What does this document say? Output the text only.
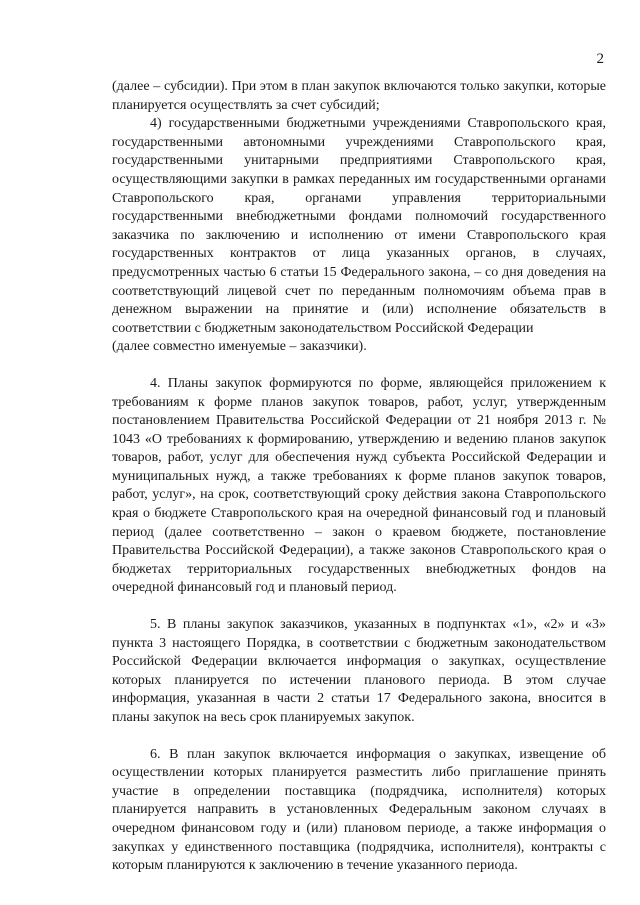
2

(далее – субсидии). При этом в план закупок включаются только закупки, которые планируется осуществлять за счет субсидий;

4) государственными бюджетными учреждениями Ставропольского края, государственными автономными учреждениями Ставропольского края, государственными унитарными предприятиями Ставропольского края, осуществляющими закупки в рамках переданных им государственными органами Ставропольского края, органами управления территориальными государственными внебюджетными фондами полномочий государственного заказчика по заключению и исполнению от имени Ставропольского края государственных контрактов от лица указанных органов, в случаях, предусмотренных частью 6 статьи 15 Федерального закона, – со дня доведения на соответствующий лицевой счет по переданным полномочиям объема прав в денежном выражении на принятие и (или) исполнение обязательств в соответствии с бюджетным законодательством Российской Федерации

(далее совместно именуемые – заказчики).

4. Планы закупок формируются по форме, являющейся приложением к требованиям к форме планов закупок товаров, работ, услуг, утвержденным постановлением Правительства Российской Федерации от 21 ноября 2013 г. № 1043 «О требованиях к формированию, утверждению и ведению планов закупок товаров, работ, услуг для обеспечения нужд субъекта Российской Федерации и муниципальных нужд, а также требованиях к форме планов закупок товаров, работ, услуг», на срок, соответствующий сроку действия закона Ставропольского края о бюджете Ставропольского края на очередной финансовый год и плановый период (далее соответственно – закон о краевом бюджете, постановление Правительства Российской Федерации), а также законов Ставропольского края о бюджетах территориальных государственных внебюджетных фондов на очередной финансовый год и плановый период.

5. В планы закупок заказчиков, указанных в подпунктах «1», «2» и «3» пункта 3 настоящего Порядка, в соответствии с бюджетным законодательством Российской Федерации включается информация о закупках, осуществление которых планируется по истечении планового периода. В этом случае информация, указанная в части 2 статьи 17 Федерального закона, вносится в планы закупок на весь срок планируемых закупок.

6. В план закупок включается информация о закупках, извещение об осуществлении которых планируется разместить либо приглашение принять участие в определении поставщика (подрядчика, исполнителя) которых планируется направить в установленных Федеральным законом случаях в очередном финансовом году и (или) плановом периоде, а также информация о закупках у единственного поставщика (подрядчика, исполнителя), контракты с которым планируются к заключению в течение указанного периода.
